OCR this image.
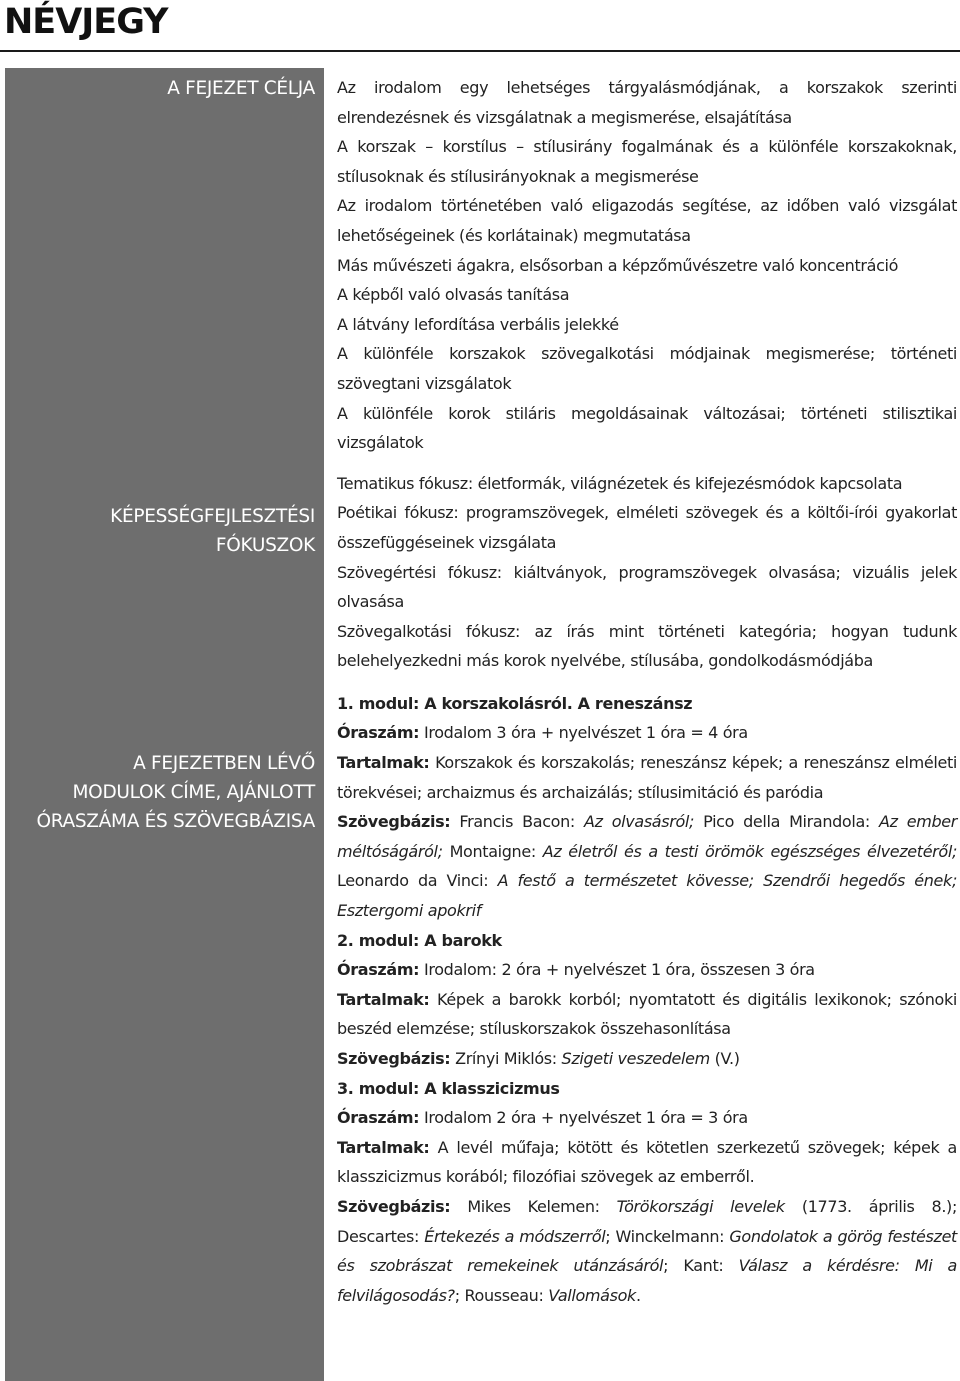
NÉVJEGY
A FEJEZET CÉLJA
KÉPESSÉGFEJLESZTÉSI
FÓKUSZOK
A FEJEZETBEN LÉVŐ
MODULOK CÍME, AJÁNLOTT
ÓRASZÁMA ÉS SZÖVEGBÁZISA

Az irodalom egy lehetséges tárgyalásmódjának, a korszakok szerinti elrendezésnek és vizsgálatnak a megismerése, elsajátítása

A korszak – korstílus – stílusirány fogalmának és a különféle korszakoknak, stílusoknak és stílusirányoknak a megismerése

Az irodalom történetében való eligazodás segítése, az időben való vizsgálat lehetőségeinek (és korlátainak) megmutatása

Más művészeti ágakra, elsősorban a képzőművészetre való koncentráció

A képből való olvasás tanítása

A látvány lefordítása verbális jelekké

A különféle korszakok szövegalkotási módjainak megismerése; történeti szövegtani vizsgálatok

A különféle korok stiláris megoldásainak változásai; történeti stilisztikai vizsgálatok

Tematikus fókusz: életformák, világnézetek és kifejezésmódok kapcsolata

Poétikai fókusz: programszövegek, elméleti szövegek és a költői-írói gyakorlat összefüggéseinek vizsgálata

Szövegértési fókusz: kiáltványok, programszövegek olvasása; vizuális jelek olvasása

Szövegalkotási fókusz: az írás mint történeti kategória; hogyan tudunk belehelyezkedni más korok nyelvébe, stílusába, gondolkodásmódjába

1. modul: A korszakolásról. A reneszánsz

Óraszám: Irodalom 3 óra + nyelvészet 1 óra = 4 óra

Tartalmak: Korszakok és korszakolás; reneszánsz képek; a reneszánsz elméleti törekvései; archaizmus és archaizálás; stílusimitáció és paródia

Szövegbázis: Francis Bacon: Az olvasásról; Pico della Mirandola: Az ember méltóságáról; Montaigne: Az életről és a testi örömök egészséges élvezetéről; Leonardo da Vinci: A festő a természetet kövesse; Szendrői hegedős ének; Esztergomi apokrif

2. modul: A barokk

Óraszám: Irodalom: 2 óra + nyelvészet 1 óra, összesen 3 óra

Tartalmak: Képek a barokk korból; nyomtatott és digitális lexikonok; szónoki beszéd elemzése; stíluskorszakok összehasonlítása

Szövegbázis: Zrínyi Miklós: Szigeti veszedelem (V.)

3. modul: A klasszicizmus

Óraszám: Irodalom 2 óra + nyelvészet 1 óra = 3 óra

Tartalmak: A levél műfaja; kötött és kötetlen szerkezetű szövegek; képek a klasszicizmus korából; filozófiai szövegek az emberről.

Szövegbázis: Mikes Kelemen: Törökországi levelek (1773. április 8.); Descartes: Értekezés a módszerről; Winckelmann: Gondolatok a görög festészet és szobrászat remekeinek utánzásáról; Kant: Válasz a kérdésre: Mi a felvilágosodás?; Rousseau: Vallomások.
